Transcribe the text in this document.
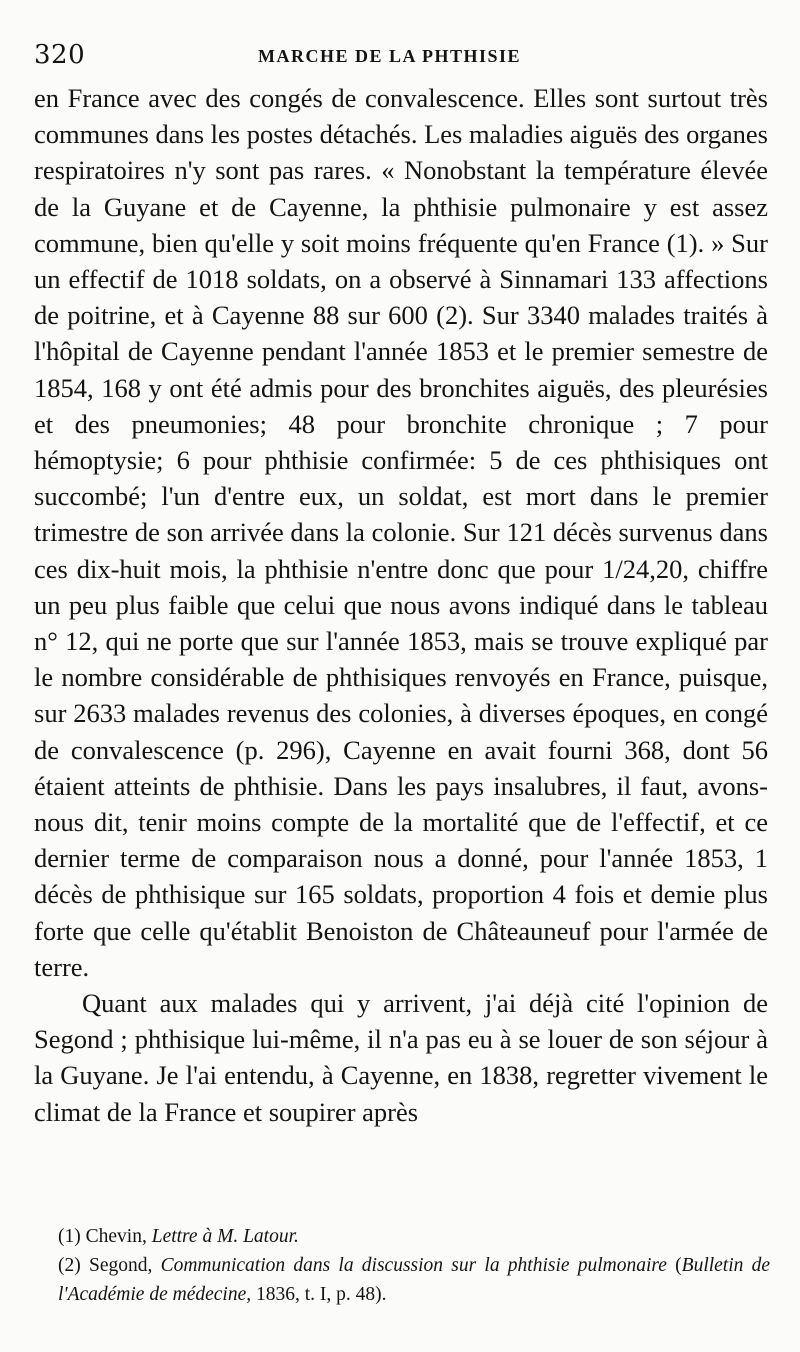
320	MARCHE DE LA PHTHISIE

en France avec des congés de convalescence. Elles sont surtout très communes dans les postes détachés. Les maladies aiguës des organes respiratoires n'y sont pas rares. « Nonobstant la température élevée de la Guyane et de Cayenne, la phthisie pulmonaire y est assez commune, bien qu'elle y soit moins fréquente qu'en France (1). » Sur un effectif de 1018 soldats, on a observé à Sinnamari 133 affections de poitrine, et à Cayenne 88 sur 600 (2). Sur 3340 malades traités à l'hôpital de Cayenne pendant l'année 1853 et le premier semestre de 1854, 168 y ont été admis pour des bronchites aiguës, des pleurésies et des pneumonies; 48 pour bronchite chronique ; 7 pour hémoptysie; 6 pour phthisie confirmée: 5 de ces phthisiques ont succombé; l'un d'entre eux, un soldat, est mort dans le premier trimestre de son arrivée dans la colonie. Sur 121 décès survenus dans ces dix-huit mois, la phthisie n'entre donc que pour 1/24,20, chiffre un peu plus faible que celui que nous avons indiqué dans le tableau n° 12, qui ne porte que sur l'année 1853, mais se trouve expliqué par le nombre considérable de phthisiques renvoyés en France, puisque, sur 2633 malades revenus des colonies, à diverses époques, en congé de convalescence (p. 296), Cayenne en avait fourni 368, dont 56 étaient atteints de phthisie. Dans les pays insalubres, il faut, avons-nous dit, tenir moins compte de la mortalité que de l'effectif, et ce dernier terme de comparaison nous a donné, pour l'année 1853, 1 décès de phthisique sur 165 soldats, proportion 4 fois et demie plus forte que celle qu'établit Benoiston de Châteauneuf pour l'armée de terre.

Quant aux malades qui y arrivent, j'ai déjà cité l'opinion de Segond ; phthisique lui-même, il n'a pas eu à se louer de son séjour à la Guyane. Je l'ai entendu, à Cayenne, en 1838, regretter vivement le climat de la France et soupirer après

(1) Chevin, Lettre à M. Latour.

(2) Segond, Communication dans la discussion sur la phthisie pulmonaire (Bulletin de l'Académie de médecine, 1836, t. I, p. 48).
